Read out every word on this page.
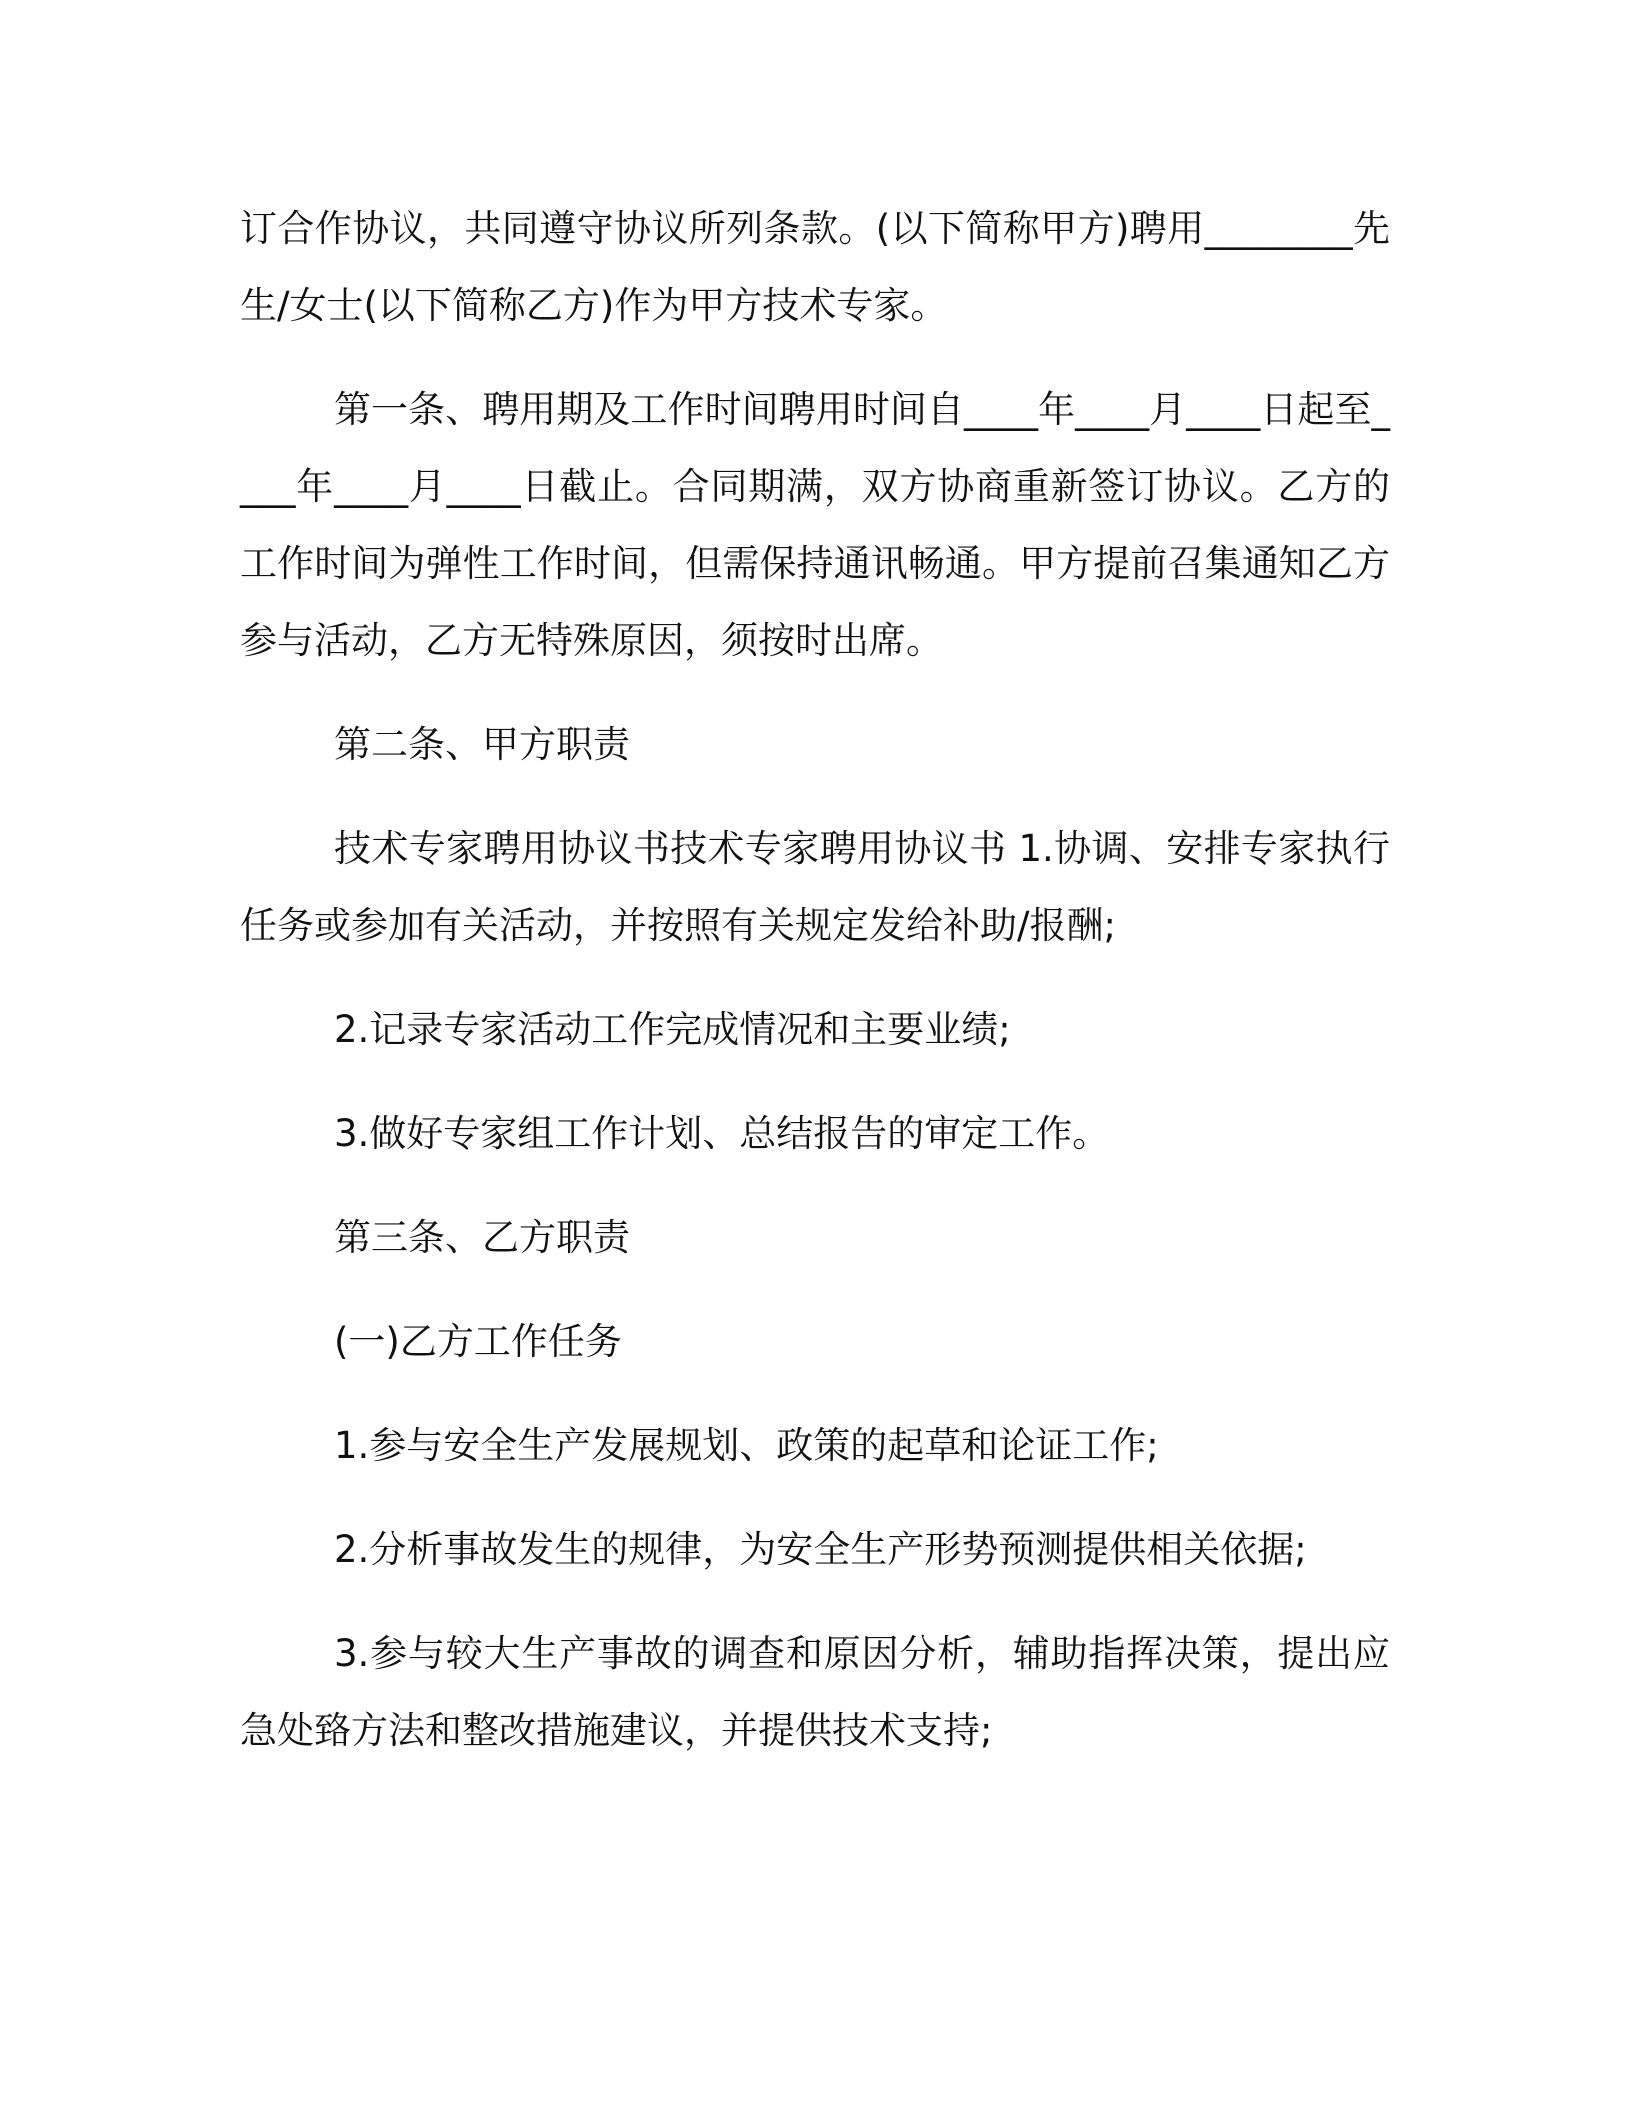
订合作协议，共同遵守协议所列条款。(以下简称甲方)聘用________先生/女士(以下简称乙方)作为甲方技术专家。

第一条、聘用期及工作时间聘用时间自____年____月____日起至____年____月____日截止。合同期满，双方协商重新签订协议。乙方的工作时间为弹性工作时间，但需保持通讯畅通。甲方提前召集通知乙方参与活动，乙方无特殊原因，须按时出席。

第二条、甲方职责

技术专家聘用协议书技术专家聘用协议书 1.协调、安排专家执行任务或参加有关活动，并按照有关规定发给补助/报酬;

2.记录专家活动工作完成情况和主要业绩;

3.做好专家组工作计划、总结报告的审定工作。

第三条、乙方职责

(一)乙方工作任务

1.参与安全生产发展规划、政策的起草和论证工作;

2.分析事故发生的规律，为安全生产形势预测提供相关依据;

3.参与较大生产事故的调查和原因分析，辅助指挥决策，提出应急处臵方法和整改措施建议，并提供技术支持;
